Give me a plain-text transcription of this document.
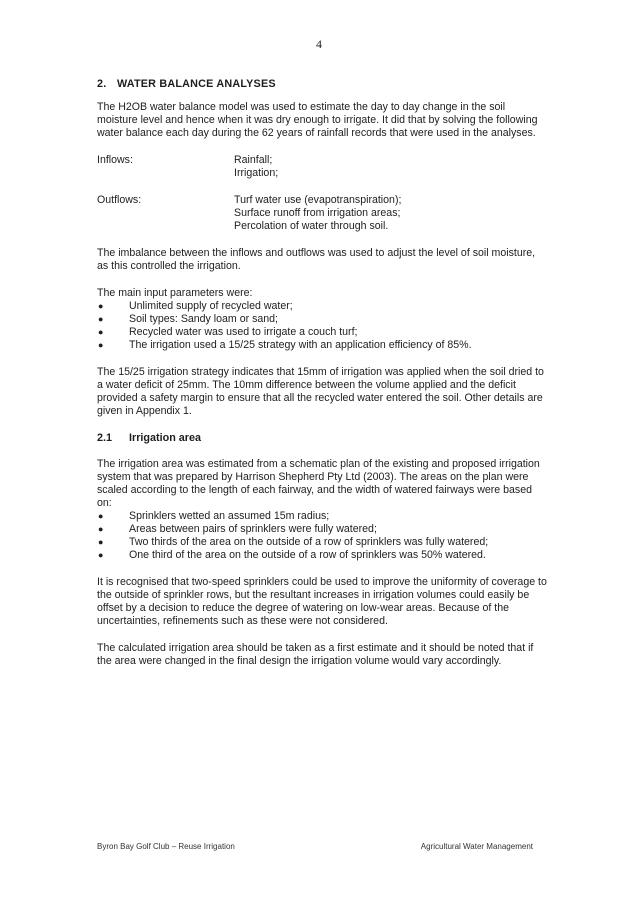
4
2. WATER BALANCE ANALYSES

The H2OB water balance model was used to estimate the day to day change in the soil moisture level and hence when it was dry enough to irrigate. It did that by solving the following water balance each day during the 62 years of rainfall records that were used in the analyses.

Inflows:	Rainfall;
Irrigation;
Outflows:	Turf water use (evapotranspiration);
Surface runoff from irrigation areas;
Percolation of water through soil.

The imbalance between the inflows and outflows was used to adjust the level of soil moisture, as this controlled the irrigation.

The main input parameters were:

● Unlimited supply of recycled water;
● Soil types: Sandy loam or sand;
● Recycled water was used to irrigate a couch turf;
● The irrigation used a 15/25 strategy with an application efficiency of 85%.

The 15/25 irrigation strategy indicates that 15mm of irrigation was applied when the soil dried to a water deficit of 25mm. The 10mm difference between the volume applied and the deficit provided a safety margin to ensure that all the recycled water entered the soil. Other details are given in Appendix 1.

2.1 Irrigation area

The irrigation area was estimated from a schematic plan of the existing and proposed irrigation system that was prepared by Harrison Shepherd Pty Ltd (2003). The areas on the plan were scaled according to the length of each fairway, and the width of watered fairways were based on:

● Sprinklers wetted an assumed 15m radius;
● Areas between pairs of sprinklers were fully watered;
● Two thirds of the area on the outside of a row of sprinklers was fully watered;
● One third of the area on the outside of a row of sprinklers was 50% watered.

It is recognised that two-speed sprinklers could be used to improve the uniformity of coverage to the outside of sprinkler rows, but the resultant increases in irrigation volumes could easily be offset by a decision to reduce the degree of watering on low-wear areas. Because of the uncertainties, refinements such as these were not considered.

The calculated irrigation area should be taken as a first estimate and it should be noted that if the area were changed in the final design the irrigation volume would vary accordingly.

Byron Bay Golf Club – Reuse Irrigation	Agricultural Water Management
